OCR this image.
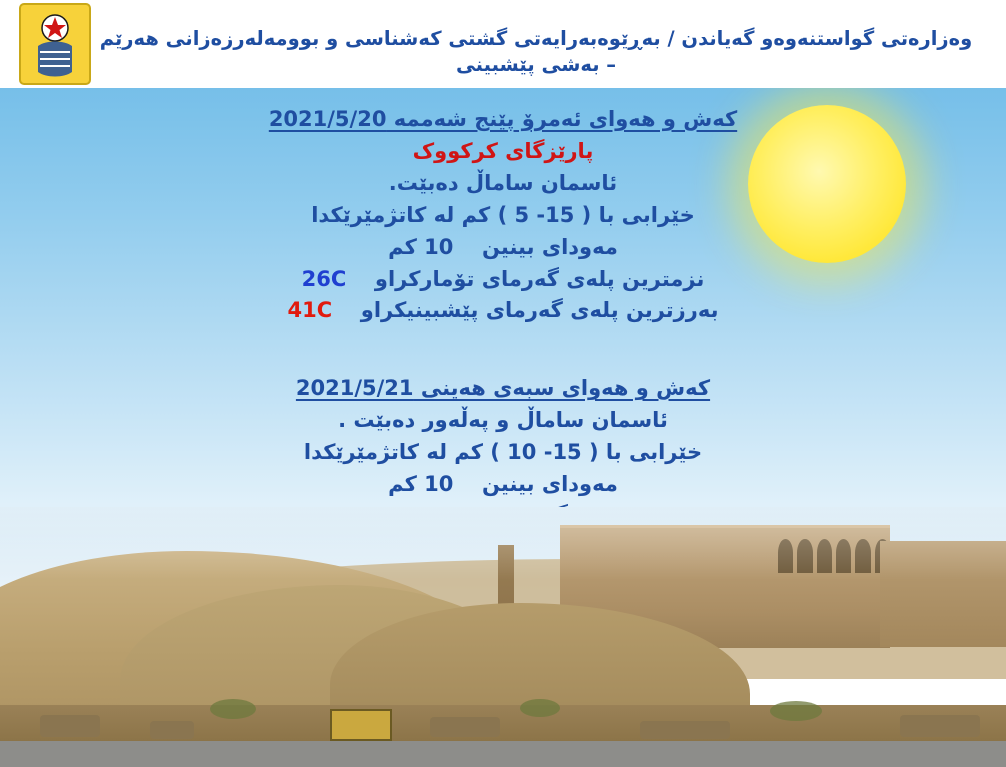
وەزارەتی گواستنەوەو گەیاندن / بەڕێوەبەرایەتی گشتی کەشناسی و بوومەلەرزەزانی هەرێم – بەشی پێشبینی
کەش و هەوای ئەمرۆ پێنج شەممە 2021/5/20
پارێزگای کرکووک
ئاسمان ساماڵ دەبێت.
خێرابی با ( 15- 5 ) کم لە کاتژمێرێکدا
مەودای بینین  10 کم
نزمترین پلەی گەرمای تۆمارکراو  26C
بەرزترین پلەی گەرمای پێشبینیکراو  41C
کەش و هەوای سبەی هەینی 2021/5/21
ئاسمان ساماڵ و پەڵەور دەبێت .
خێرابی با ( 15- 10 ) کم لە کاتژمێرێکدا
مەودای بینین  10 کم
